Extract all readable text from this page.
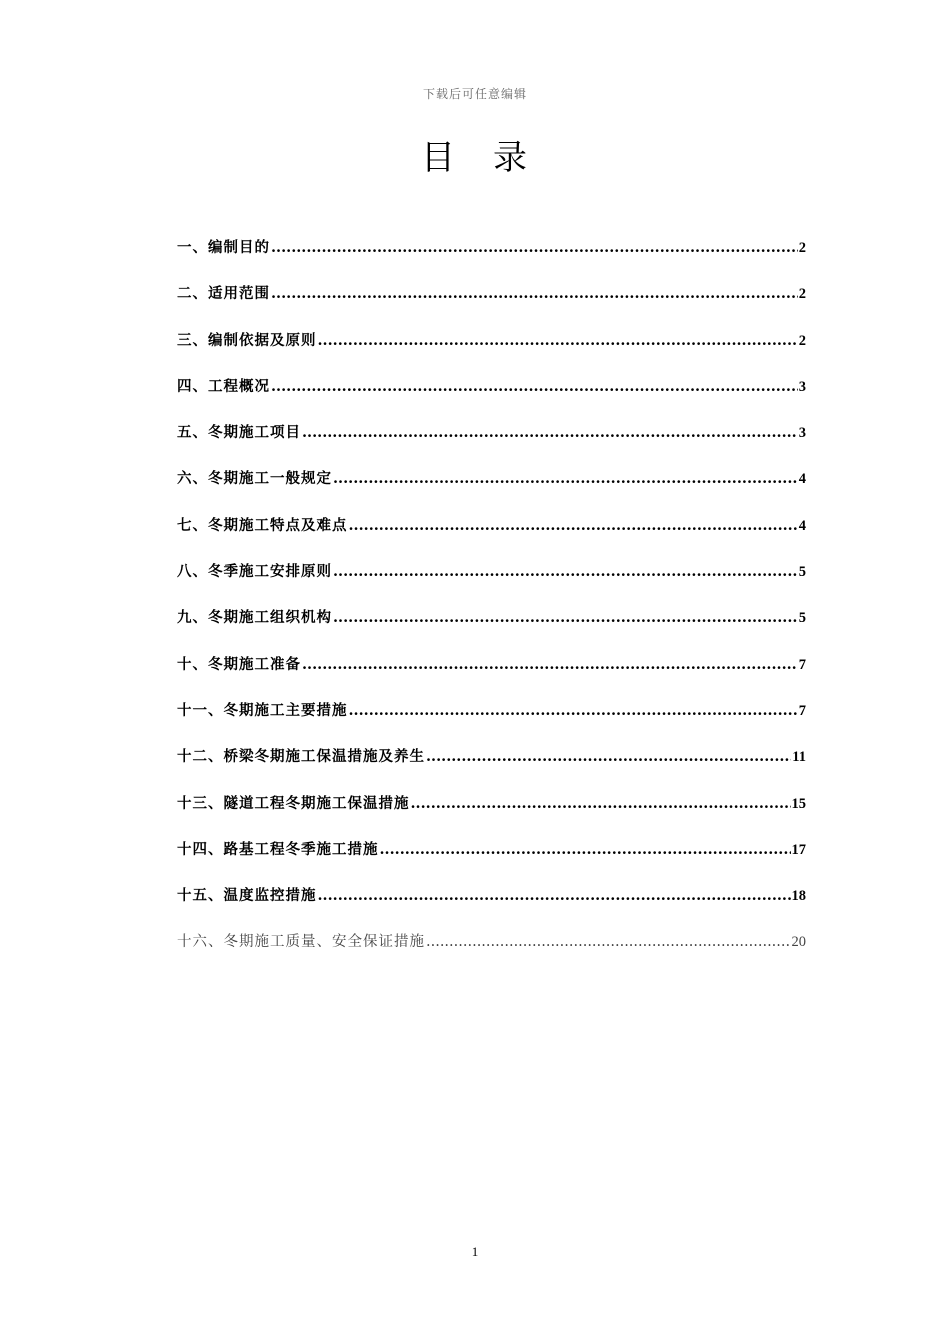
下载后可任意编辑
目　录
一、编制目的 .....	2
二、适用范围 .....	2
三、编制依据及原则 .....	2
四、工程概况 .....	3
五、冬期施工项目 .....	3
六、冬期施工一般规定 .....	4
七、冬期施工特点及难点 .....	4
八、冬季施工安排原则 .....	5
九、冬期施工组织机构 .....	5
十、冬期施工准备 .....	7
十一、冬期施工主要措施 .....	7
十二、桥梁冬期施工保温措施及养生 .....	11
十三、隧道工程冬期施工保温措施 .....	15
十四、路基工程冬季施工措施 .....	17
十五、温度监控措施 .....	18
十六、冬期施工质量、安全保证措施 .....	20
1
